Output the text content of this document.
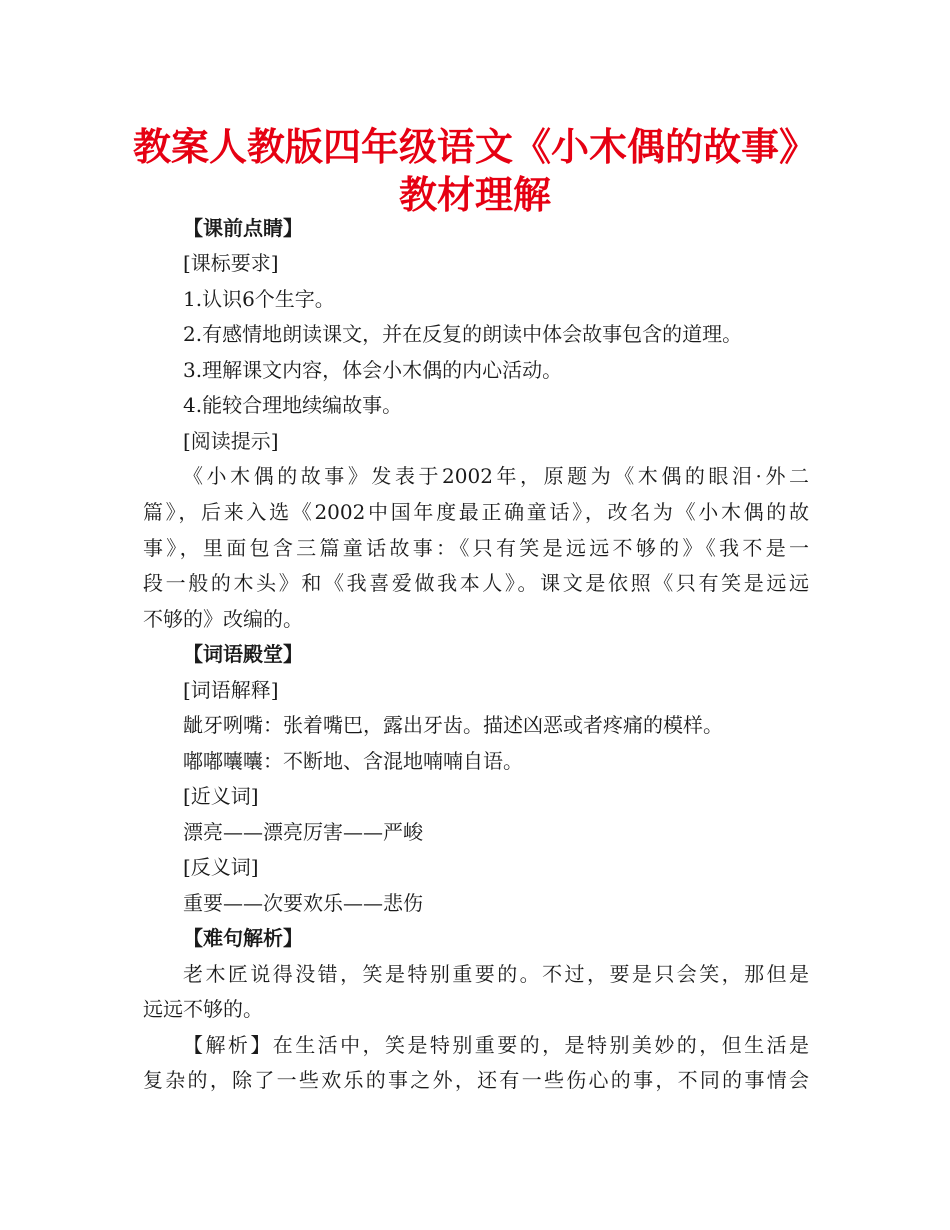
教案人教版四年级语文《小木偶的故事》
教材理解
【课前点睛】
[课标要求]
1.认识6个生字。
2.有感情地朗读课文，并在反复的朗读中体会故事包含的道理。
3.理解课文内容，体会小木偶的内心活动。
4.能较合理地续编故事。
[阅读提示]
《小木偶的故事》发表于2002年，原题为《木偶的眼泪·外二
篇》，后来入选《2002中国年度最正确童话》，改名为《小木偶的故
事》，里面包含三篇童话故事：《只有笑是远远不够的》《我不是一
段一般的木头》和《我喜爱做我本人》。课文是依照《只有笑是远远
不够的》改编的。
【词语殿堂】
[词语解释]
龇牙咧嘴：张着嘴巴，露出牙齿。描述凶恶或者疼痛的模样。
嘟嘟囔囔：不断地、含混地喃喃自语。
[近义词]
漂亮——漂亮厉害——严峻
[反义词]
重要——次要欢乐——悲伤
【难句解析】
老木匠说得没错，笑是特别重要的。不过，要是只会笑，那但是
远远不够的。
【解析】在生活中，笑是特别重要的，是特别美妙的，但生活是
复杂的，除了一些欢乐的事之外，还有一些伤心的事，不同的事情会
